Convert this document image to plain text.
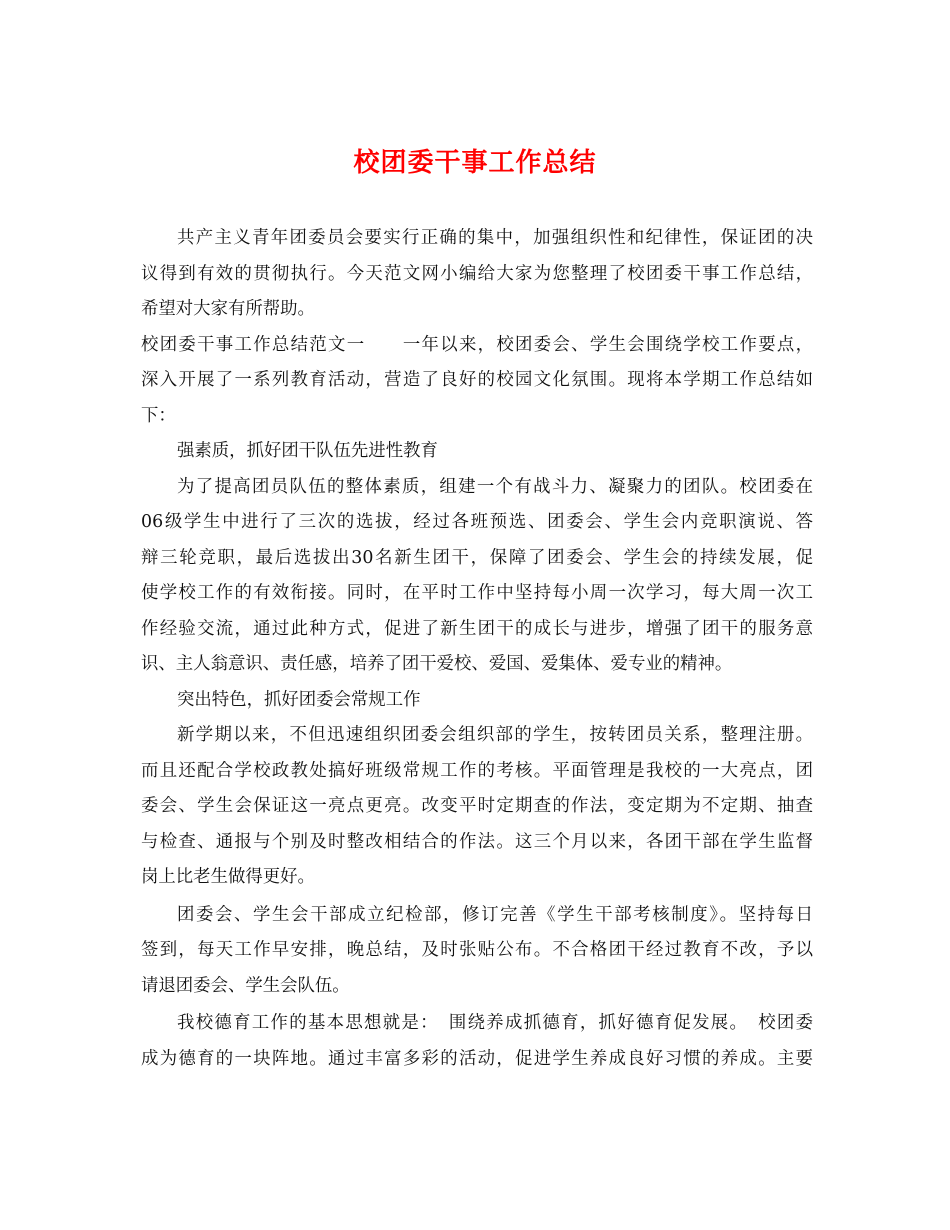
校团委干事工作总结
共产主义青年团委员会要实行正确的集中，加强组织性和纪律性，保证团的决
议得到有效的贯彻执行。今天范文网小编给大家为您整理了校团委干事工作总结，
希望对大家有所帮助。
校团委干事工作总结范文一　　一年以来，校团委会、学生会围绕学校工作要点，
深入开展了一系列教育活动，营造了良好的校园文化氛围。现将本学期工作总结如
下：
强素质，抓好团干队伍先进性教育
为了提高团员队伍的整体素质，组建一个有战斗力、凝聚力的团队。校团委在
06级学生中进行了三次的选拔，经过各班预选、团委会、学生会内竞职演说、答
辩三轮竞职，最后选拔出30名新生团干，保障了团委会、学生会的持续发展，促
使学校工作的有效衔接。同时，在平时工作中坚持每小周一次学习，每大周一次工
作经验交流，通过此种方式，促进了新生团干的成长与进步，增强了团干的服务意
识、主人翁意识、责任感，培养了团干爱校、爱国、爱集体、爱专业的精神。
突出特色，抓好团委会常规工作
新学期以来，不但迅速组织团委会组织部的学生，按转团员关系，整理注册。
而且还配合学校政教处搞好班级常规工作的考核。平面管理是我校的一大亮点，团
委会、学生会保证这一亮点更亮。改变平时定期查的作法，变定期为不定期、抽查
与检查、通报与个别及时整改相结合的作法。这三个月以来，各团干部在学生监督
岗上比老生做得更好。
团委会、学生会干部成立纪检部，修订完善《学生干部考核制度》。坚持每日
签到，每天工作早安排，晚总结，及时张贴公布。不合格团干经过教育不改，予以
请退团委会、学生会队伍。
我校德育工作的基本思想就是：　围绕养成抓德育，抓好德育促发展。　校团委
成为德育的一块阵地。通过丰富多彩的活动，促进学生养成良好习惯的养成。主要
